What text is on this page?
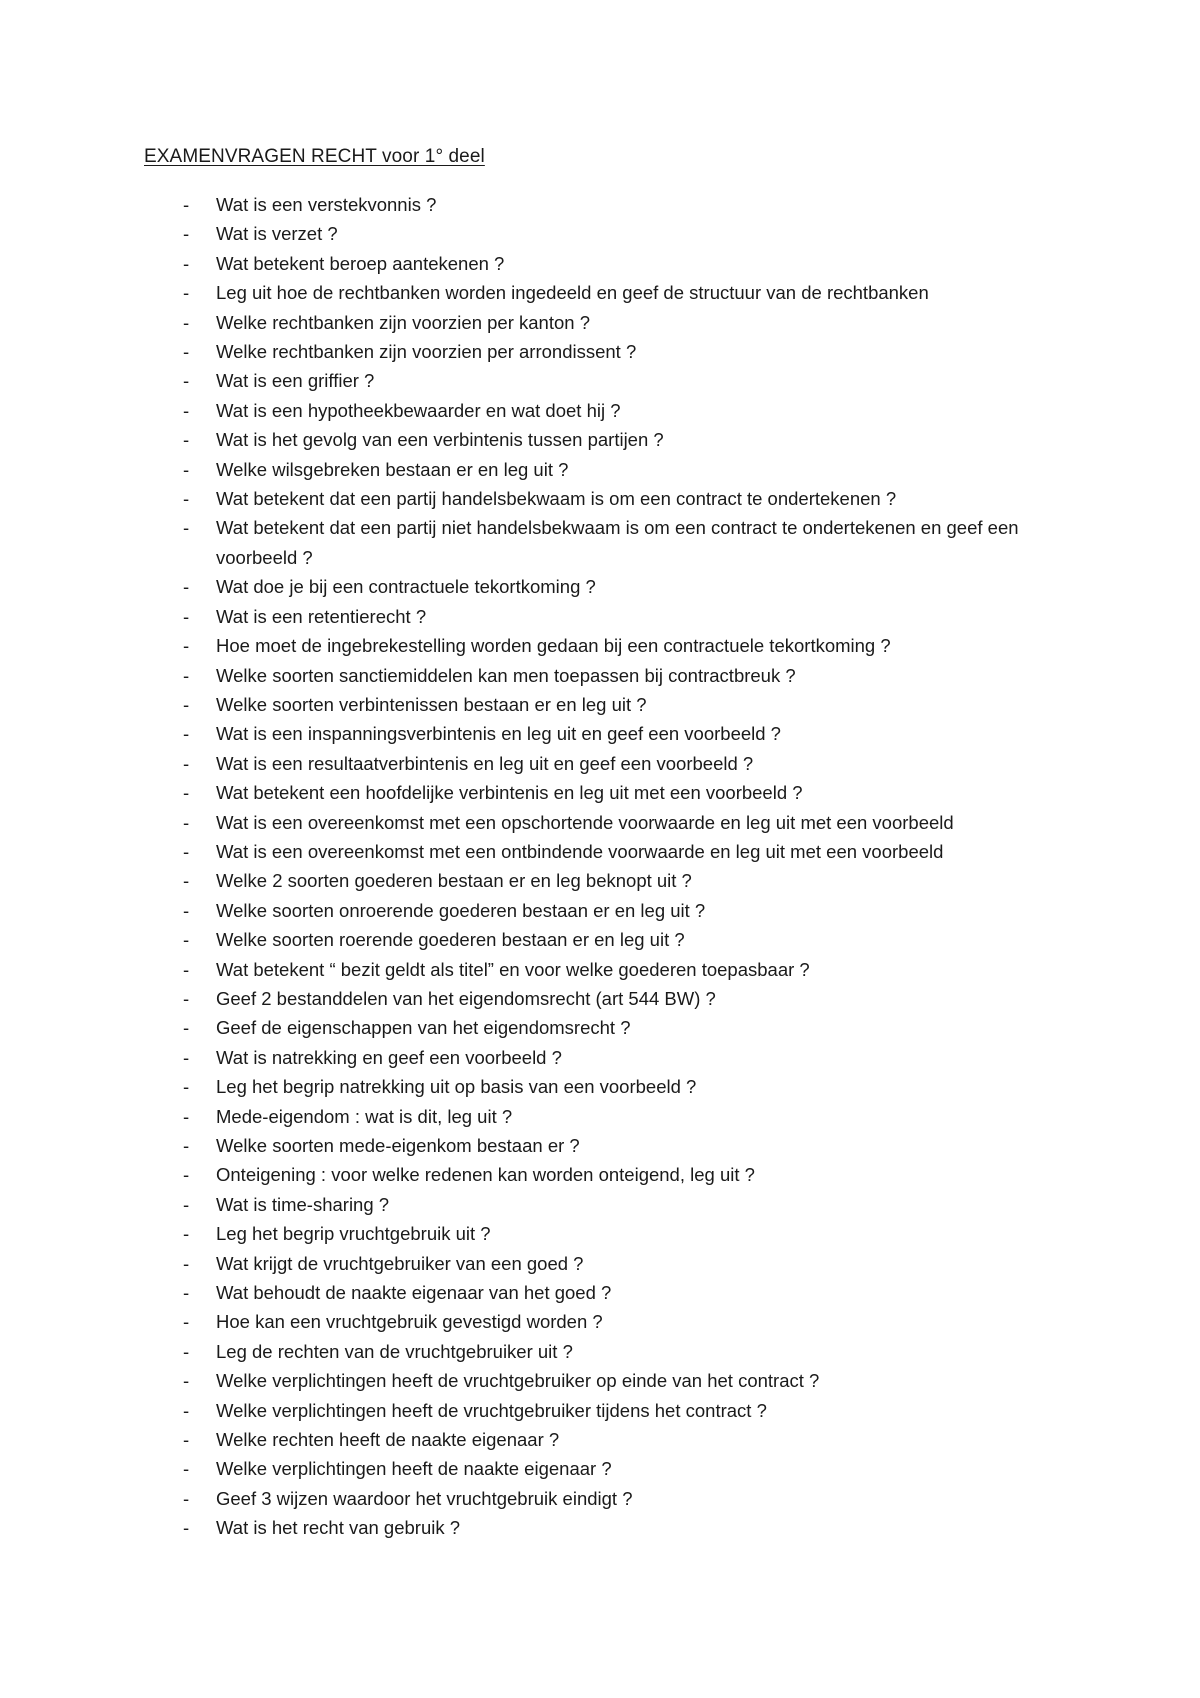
EXAMENVRAGEN RECHT voor 1° deel
- Wat is een verstekvonnis ?
- Wat is verzet ?
- Wat betekent beroep aantekenen ?
- Leg uit hoe de rechtbanken worden ingedeeld en geef de structuur van de rechtbanken
- Welke rechtbanken zijn voorzien per kanton ?
- Welke rechtbanken zijn voorzien per arrondissent ?
- Wat is een griffier ?
- Wat is een hypotheekbewaarder en wat doet hij ?
- Wat is het gevolg van een verbintenis tussen partijen ?
- Welke wilsgebreken bestaan er en leg uit ?
- Wat betekent dat een partij handelsbekwaam is om een contract te ondertekenen ?
- Wat betekent dat een partij niet handelsbekwaam is om een contract te ondertekenen en geef een voorbeeld ?
- Wat doe je bij een contractuele tekortkoming ?
- Wat is een retentierecht ?
- Hoe moet de ingebrekestelling worden gedaan bij een contractuele tekortkoming ?
- Welke soorten sanctiemiddelen kan men toepassen bij contractbreuk ?
- Welke soorten verbintenissen bestaan er en leg uit ?
- Wat is een inspanningsverbintenis en leg uit en geef een voorbeeld ?
- Wat is een resultaatverbintenis en leg uit en geef een voorbeeld ?
- Wat betekent een hoofdelijke verbintenis en leg uit met een voorbeeld ?
- Wat is een overeenkomst met een opschortende voorwaarde en leg uit met een voorbeeld
- Wat is een overeenkomst met een ontbindende voorwaarde en leg uit met een voorbeeld
- Welke 2 soorten goederen bestaan er en leg beknopt uit ?
- Welke soorten onroerende goederen bestaan er en leg uit ?
- Welke soorten roerende goederen bestaan er en leg uit ?
- Wat betekent “ bezit geldt als titel” en voor welke goederen toepasbaar ?
- Geef 2 bestanddelen van het eigendomsrecht (art 544 BW) ?
- Geef de eigenschappen van het eigendomsrecht ?
- Wat is natrekking en geef een voorbeeld ?
- Leg het begrip natrekking uit op basis van een voorbeeld ?
- Mede-eigendom : wat is dit, leg uit ?
- Welke soorten mede-eigenkom bestaan er ?
- Onteigening : voor welke redenen kan worden onteigend, leg uit ?
- Wat is time-sharing ?
- Leg het begrip vruchtgebruik uit ?
- Wat krijgt de vruchtgebruiker van een goed ?
- Wat behoudt de naakte eigenaar van het goed ?
- Hoe kan een vruchtgebruik gevestigd worden ?
- Leg de rechten van de vruchtgebruiker uit ?
- Welke verplichtingen heeft de vruchtgebruiker op einde van het contract ?
- Welke verplichtingen heeft de vruchtgebruiker tijdens het contract ?
- Welke rechten heeft de naakte eigenaar ?
- Welke verplichtingen heeft de naakte eigenaar ?
- Geef 3 wijzen waardoor het vruchtgebruik eindigt ?
- Wat is het recht van gebruik ?
